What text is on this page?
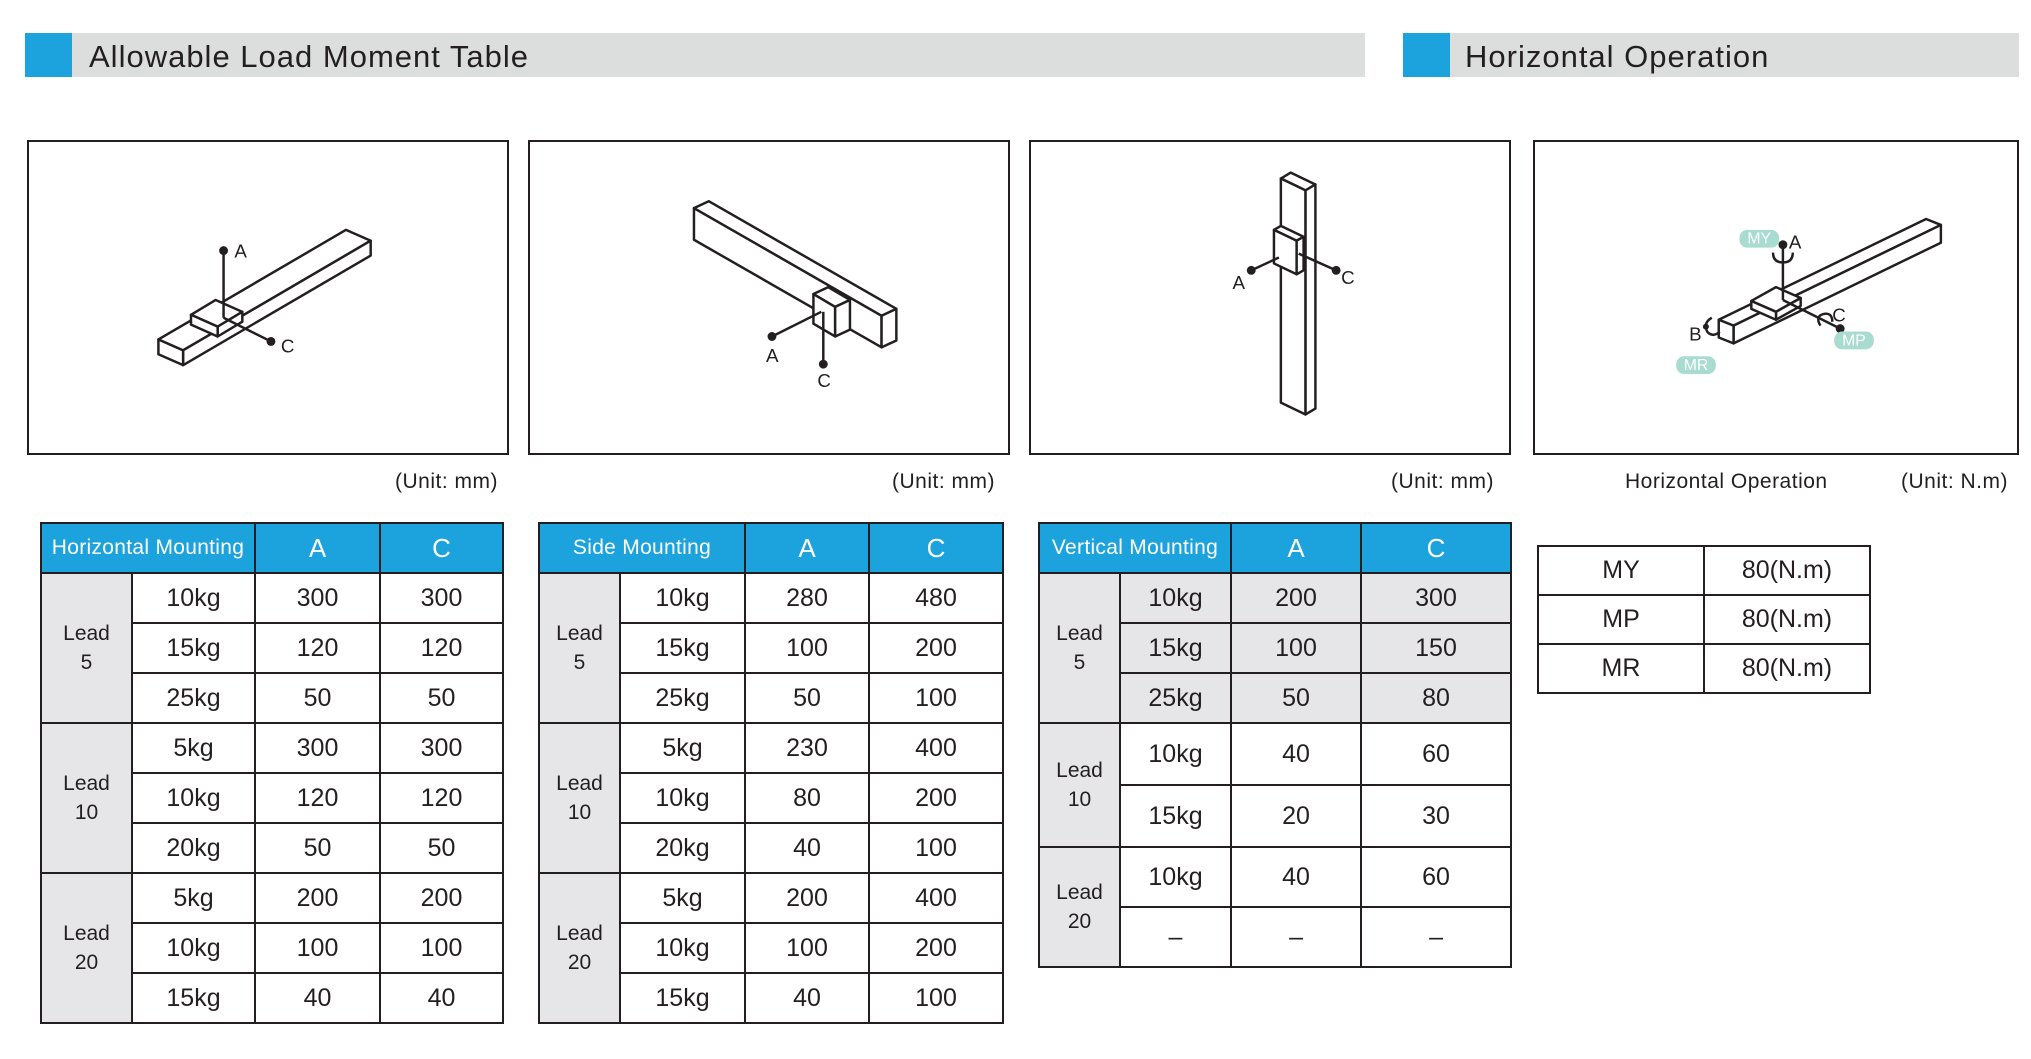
Allowable Load Moment Table	Horizontal Operation
A
C	A
C
A	C
MY
MP
MR
A
C
B
(Unit: mm)	(Unit: mm)	(Unit: mm)	Horizontal Operation	(Unit: N.m)
Horizontal Mounting		A	C
Lead
5	10kg	300	300
	15kg	120	120
	25kg	50	50
Lead
10	5kg	300	300
	10kg	120	120
	20kg	50	50
Lead
20	5kg	200	200
	10kg	100	100
	15kg	40	40
Side Mounting		A	C
Lead
5	10kg	280	480
	15kg	100	200
	25kg	50	100
Lead
10	5kg	230	400
	10kg	80	200
	20kg	40	100
Lead
20	5kg	200	400
	10kg	100	200
	15kg	40	100
Vertical Mounting		A	C
Lead
5	10kg	200	300
	15kg	100	150
	25kg	50	80
Lead
10	10kg	40	60
	15kg	20	30
Lead
20	10kg	40	60
	–	–	–
MY	80(N.m)
MP	80(N.m)
MR	80(N.m)
